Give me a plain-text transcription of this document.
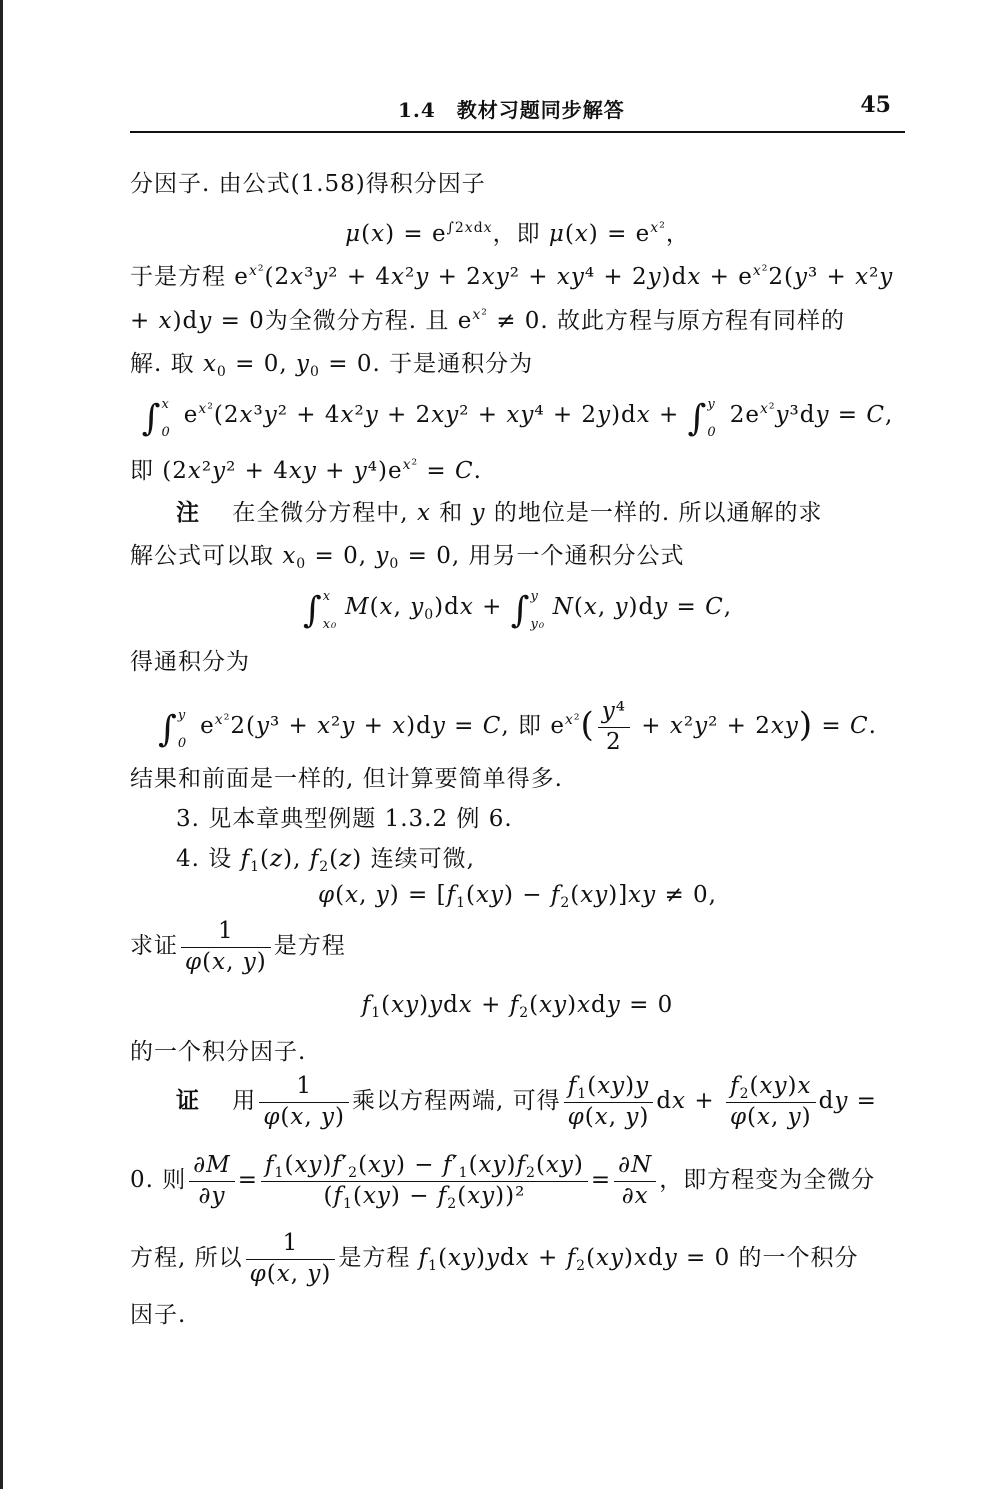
1.4　教材习题同步解答	45
分因子. 由公式(1.58)得积分因子
$\mu(x) = e^{\int 2xdx}$，即 $\mu(x) = e^{x^2}$，
于是方程 $e^{x^2}(2x^3y^2 + 4x^2y + 2xy^2 + xy^4 + 2y)dx + e^{x^2}2(y^3 + x^2y$
+ x)dy = 0为全微分方程. 且 $e^{x^2} \ne 0$. 故此方程与原方程有同样的
解. 取 $x_0 = 0$, $y_0 = 0$. 于是通积分为
∫ x
0
$e^{x^2}(2x^3y^2 + 4x^2y + 2xy^2 + xy^4 + 2y)dx$ + ∫ y
0
$2e^{x^2}y^3dy = C$,
即 $(2x^2y^2 + 4xy + y^4)e^{x^2} = C$.
注 　在全微分方程中, x 和 y 的地位是一样的. 所以通解的求
解公式可以取 $x_0 = 0$, $y_0 = 0$, 用另一个通积分公式
∫ x
x₀
M(x, $y_0)dx$ + ∫ y
y₀
N(x, y)dy = C,
得通积分为
∫ y
0
$e^{x^2}2(y^3 + x^2y + x)dy = C$, 即 $e^{x^2}( \frac{\text{y⁴}}{2} + x^2y^2 + 2xy) = C$.
结果和前面是一样的, 但计算要简单得多.
3. 见本章典型例题 1.3.2 例 6.
4. 设 $f_1(z)$, $f_2(z)$ 连续可微,
φ(x, $y) = [f_1(xy) - f_2(xy)]xy \ne 0$,
求证 $\frac{1}{\varphi(x, y)}$ 是方程
$f_1(xy)ydx + f_2(xy)xdy = 0$
的一个积分因子.
证 　用 $\frac{1}{\varphi(x, y)}$ 乘以方程两端, 可得 $\frac{f_1(xy)y}{\varphi(x, y)}$ dx + $\frac{f_2(xy)x}{\varphi(x, y)}$ dy =
0. 则 $\frac{\partial M}{\partial y} = \frac{f_1(xy)f'_2(xy) - f'_1(xy)f_2(xy)}{(f_1(xy) - f_2(xy))^2} = \frac{\partial N}{\partial x}$ ，即方程变为全微分
方程, 所以 $\frac{1}{\varphi(x, y)}$ 是方程 $f_1(xy)ydx + f_2(xy)xdy = 0$ 的一个积分
因子.
